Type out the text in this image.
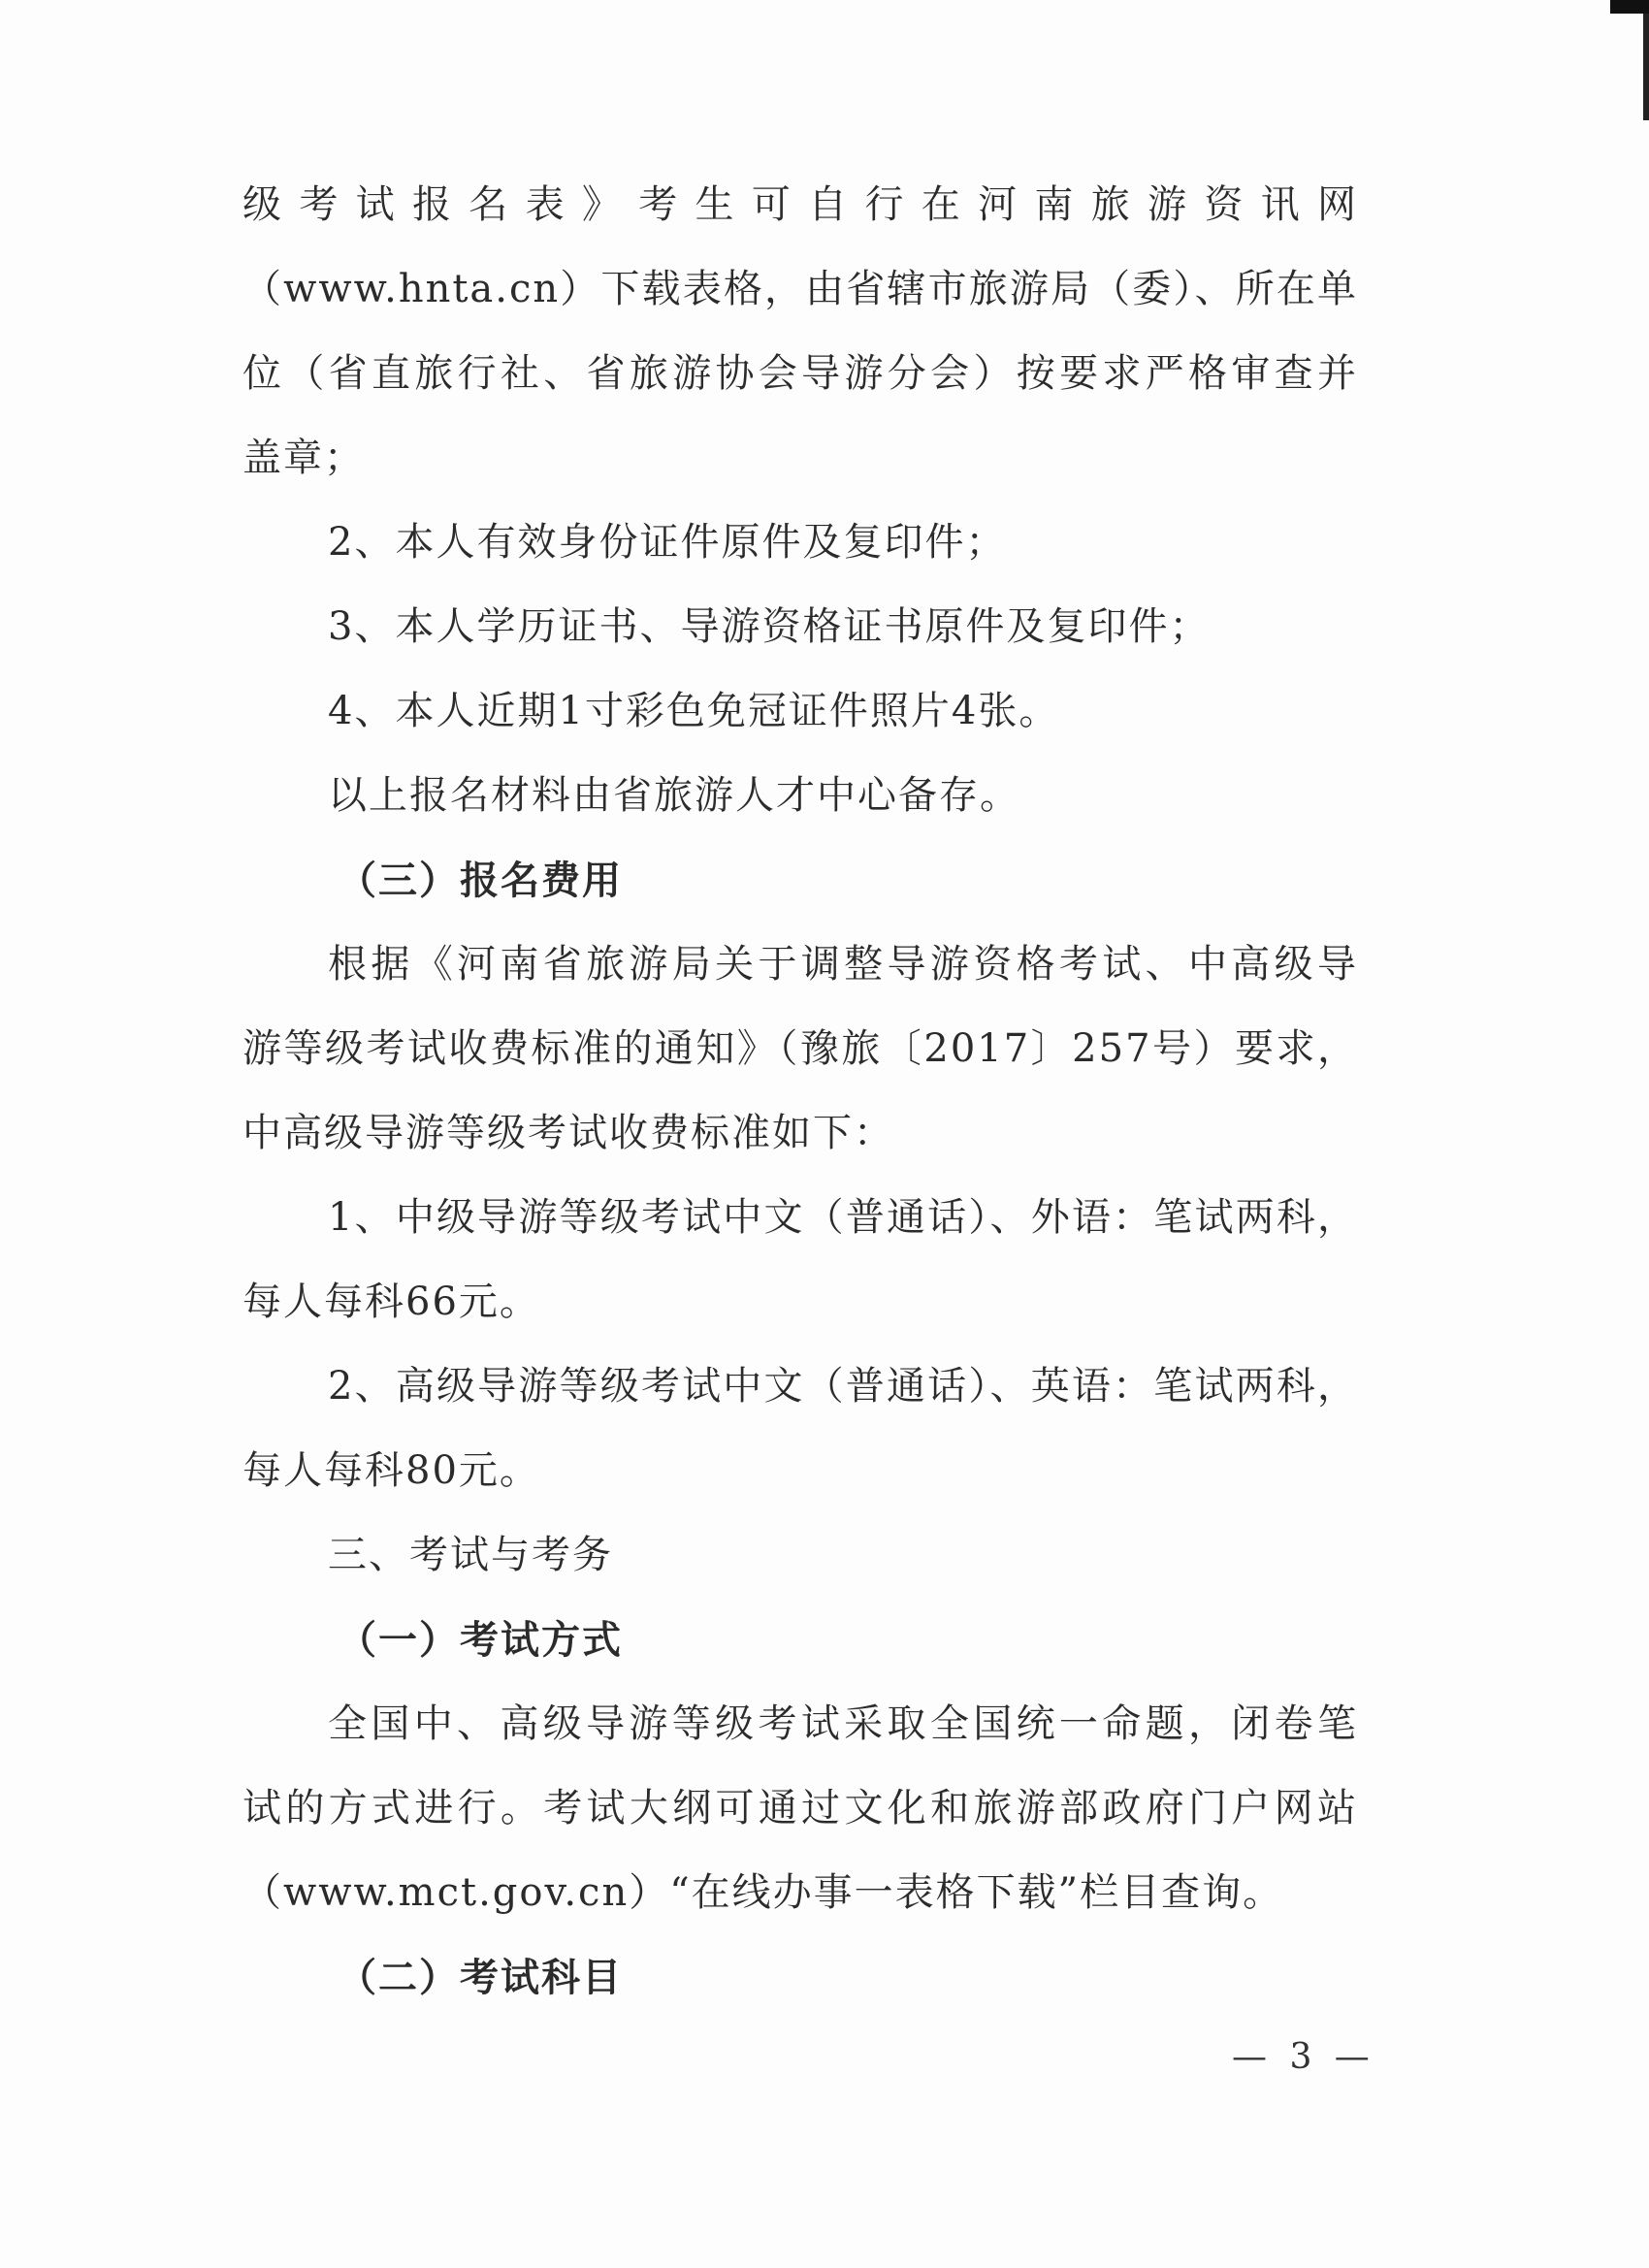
级考试报名表》考生可自行在河南旅游资讯网

（www.hnta.cn）下载表格，由省辖市旅游局（委）、所在单

位（省直旅行社、省旅游协会导游分会）按要求严格审查并

盖章；

2、本人有效身份证件原件及复印件；

3、本人学历证书、导游资格证书原件及复印件；

4、本人近期1寸彩色免冠证件照片4张。

以上报名材料由省旅游人才中心备存。

（三）报名费用

根据《河南省旅游局关于调整导游资格考试、中高级导

游等级考试收费标准的通知》（豫旅〔2017〕257号）要求，

中高级导游等级考试收费标准如下：

1、中级导游等级考试中文（普通话）、外语：笔试两科，

每人每科66元。

2、高级导游等级考试中文（普通话）、英语：笔试两科，

每人每科80元。

三、考试与考务

（一）考试方式

全国中、高级导游等级考试采取全国统一命题，闭卷笔

试的方式进行。考试大纲可通过文化和旅游部政府门户网站

（www.mct.gov.cn）“在线办事一表格下载”栏目查询。

（二）考试科目

— 3 —
